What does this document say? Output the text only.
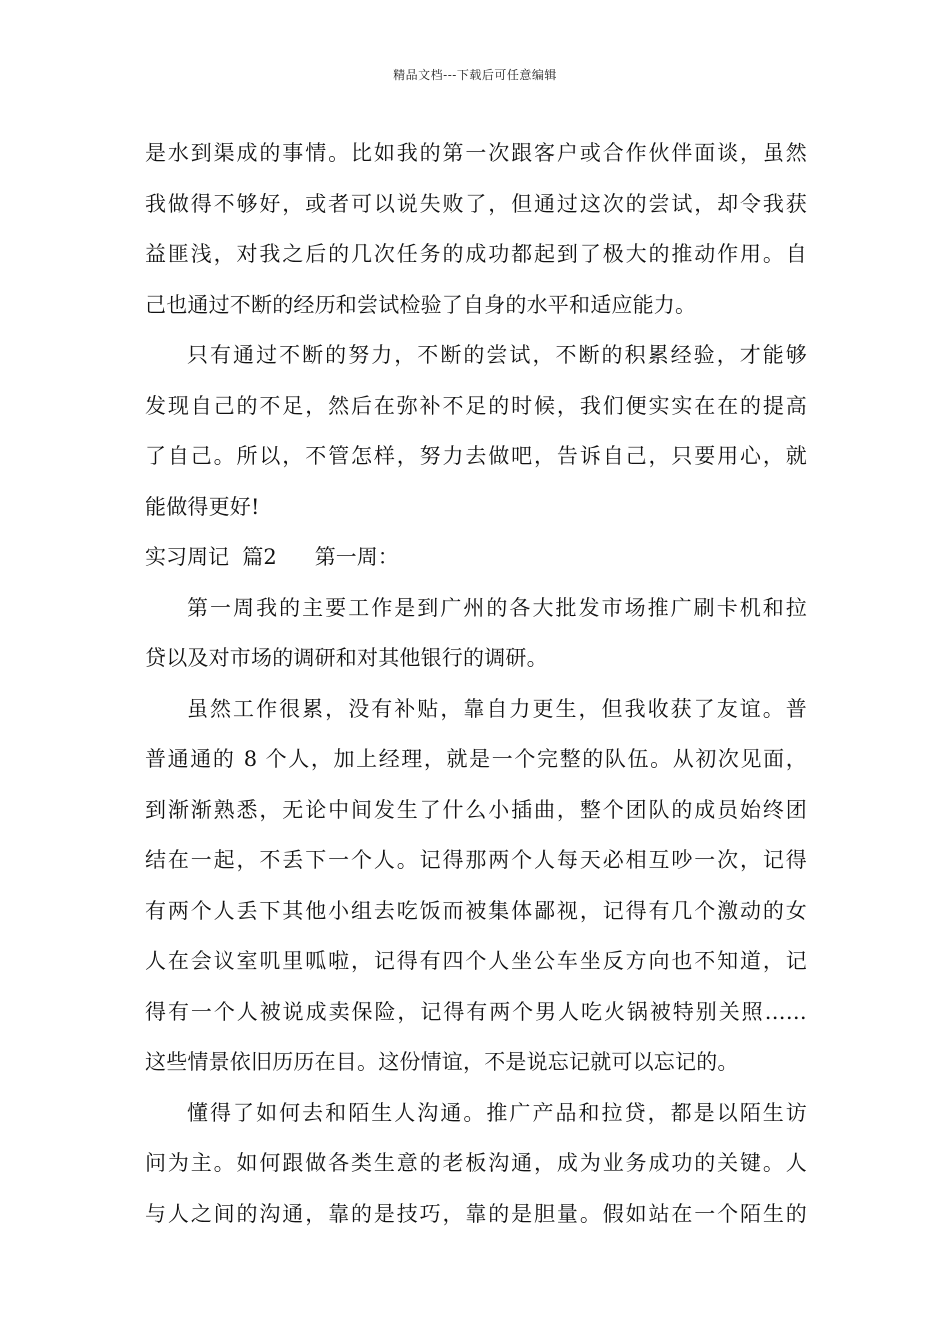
精品文档---下载后可任意编辑
是水到渠成的事情。比如我的第一次跟客户或合作伙伴面谈，虽然
我做得不够好，或者可以说失败了，但通过这次的尝试，却令我获
益匪浅，对我之后的几次任务的成功都起到了极大的推动作用。自
己也通过不断的经历和尝试检验了自身的水平和适应能力。
只有通过不断的努力，不断的尝试，不断的积累经验，才能够
发现自己的不足，然后在弥补不足的时候，我们便实实在在的提高
了自己。所以，不管怎样，努力去做吧，告诉自己，只要用心，就
能做得更好!
实习周记  篇2 第一周：
第一周我的主要工作是到广州的各大批发市场推广刷卡机和拉
贷以及对市场的调研和对其他银行的调研。
虽然工作很累，没有补贴，靠自力更生，但我收获了友谊。普
普通通的 8 个人，加上经理，就是一个完整的队伍。从初次见面，
到渐渐熟悉，无论中间发生了什么小插曲，整个团队的成员始终团
结在一起，不丢下一个人。记得那两个人每天必相互吵一次，记得
有两个人丢下其他小组去吃饭而被集体鄙视，记得有几个激动的女
人在会议室叽里呱啦，记得有四个人坐公车坐反方向也不知道，记
得有一个人被说成卖保险，记得有两个男人吃火锅被特别关照……
这些情景依旧历历在目。这份情谊，不是说忘记就可以忘记的。
懂得了如何去和陌生人沟通。推广产品和拉贷，都是以陌生访
问为主。如何跟做各类生意的老板沟通，成为业务成功的关键。人
与人之间的沟通，靠的是技巧，靠的是胆量。假如站在一个陌生的
